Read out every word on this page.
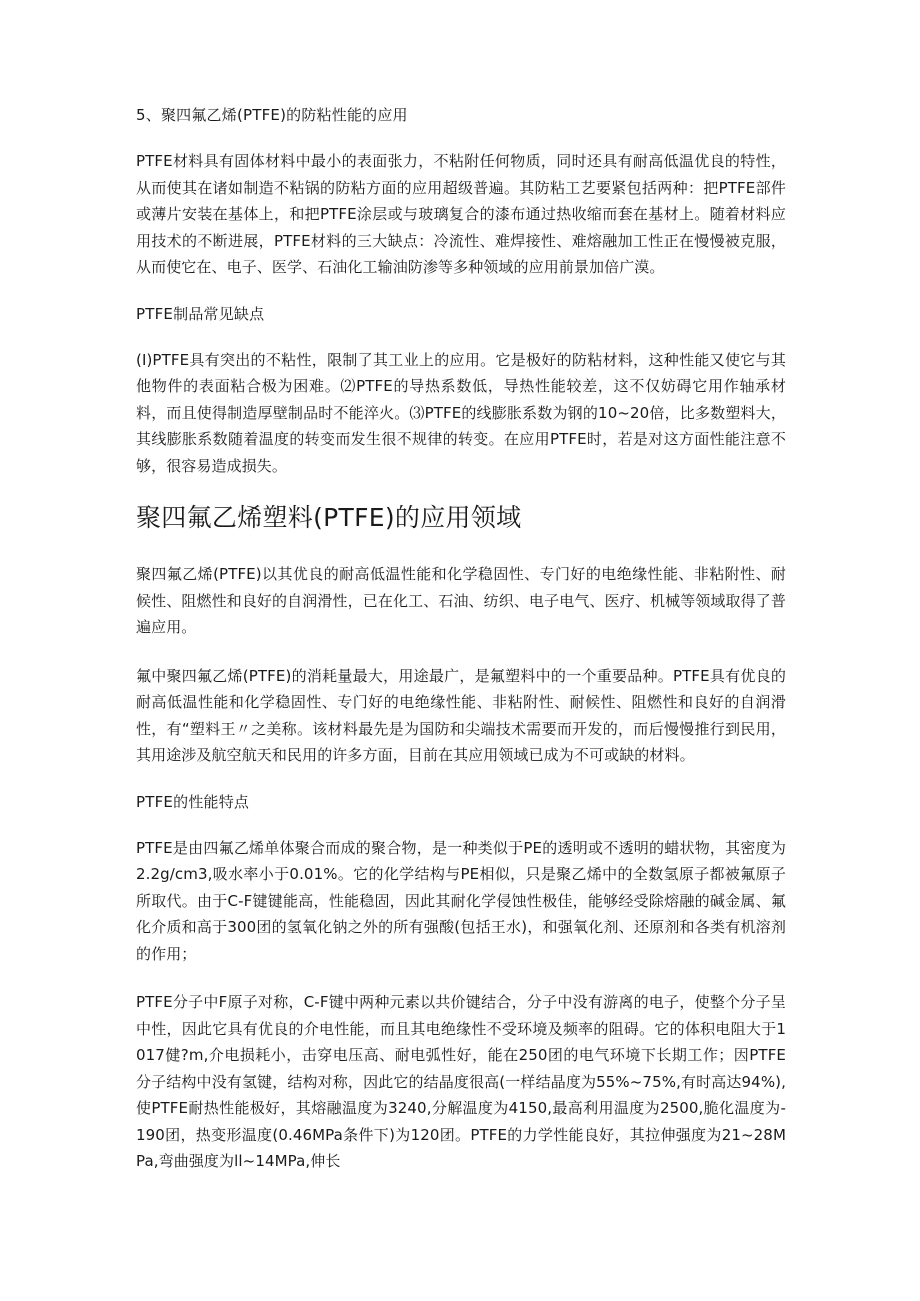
5、聚四氟乙烯(PTFE)的防粘性能的应用
PTFE材料具有固体材料中最小的表面张力，不粘附任何物质，同时还具有耐高低温优良的特性，从而使其在诸如制造不粘锅的防粘方面的应用超级普遍。其防粘工艺要紧包括两种：把PTFE部件或薄片安装在基体上，和把PTFE涂层或与玻璃复合的漆布通过热收缩而套在基材上。随着材料应用技术的不断进展，PTFE材料的三大缺点：冷流性、难焊接性、难熔融加工性正在慢慢被克服，从而使它在、电子、医学、石油化工输油防渗等多种领域的应用前景加倍广漠。
PTFE制品常见缺点
(I)PTFE具有突出的不粘性，限制了其工业上的应用。它是极好的防粘材料，这种性能又使它与其他物件的表面粘合极为困难。⑵PTFE的导热系数低，导热性能较差，这不仅妨碍它用作轴承材料，而且使得制造厚壁制品时不能淬火。⑶PTFE的线膨胀系数为钢的10~20倍，比多数塑料大，其线膨胀系数随着温度的转变而发生很不规律的转变。在应用PTFE时，若是对这方面性能注意不够，很容易造成损失。
聚四氟乙烯塑料(PTFE)的应用领域
聚四氟乙烯(PTFE)以其优良的耐高低温性能和化学稳固性、专门好的电绝缘性能、非粘附性、耐候性、阻燃性和良好的自润滑性，已在化工、石油、纺织、电子电气、医疗、机械等领域取得了普遍应用。
氟中聚四氟乙烯(PTFE)的消耗量最大，用途最广，是氟塑料中的一个重要品种。PTFE具有优良的耐高低温性能和化学稳固性、专门好的电绝缘性能、非粘附性、耐候性、阻燃性和良好的自润滑性，有“塑料王〃之美称。该材料最先是为国防和尖端技术需要而开发的，而后慢慢推行到民用，其用途涉及航空航天和民用的许多方面，目前在其应用领域已成为不可或缺的材料。
PTFE的性能特点
PTFE是由四氟乙烯单体聚合而成的聚合物，是一种类似于PE的透明或不透明的蜡状物，其密度为2.2g∕cm3,吸水率小于0.01%。它的化学结构与PE相似，只是聚乙烯中的全数氢原子都被氟原子所取代。由于C-F键键能高，性能稳固，因此其耐化学侵蚀性极佳，能够经受除熔融的碱金属、氟化介质和高于300团的氢氧化钠之外的所有强酸(包括王水)，和强氧化剂、还原剂和各类有机溶剂的作用；
PTFE分子中F原子对称，C-F键中两种元素以共价键结合，分子中没有游离的电子，使整个分子呈中性，因此它具有优良的介电性能，而且其电绝缘性不受环境及频率的阻碍。它的体积电阻大于1017健?m,介电损耗小，击穿电压高、耐电弧性好，能在250团的电气环境下长期工作；因PTFE分子结构中没有氢键，结构对称，因此它的结晶度很高(一样结晶度为55%~75%,有时高达94%),使PTFE耐热性能极好，其熔融温度为3240,分解温度为4150,最高利用温度为2500,脆化温度为-190团，热变形温度(0.46MPa条件下)为120团。PTFE的力学性能良好，其拉伸强度为21~28MPa,弯曲强度为ll~14MPa,伸长
